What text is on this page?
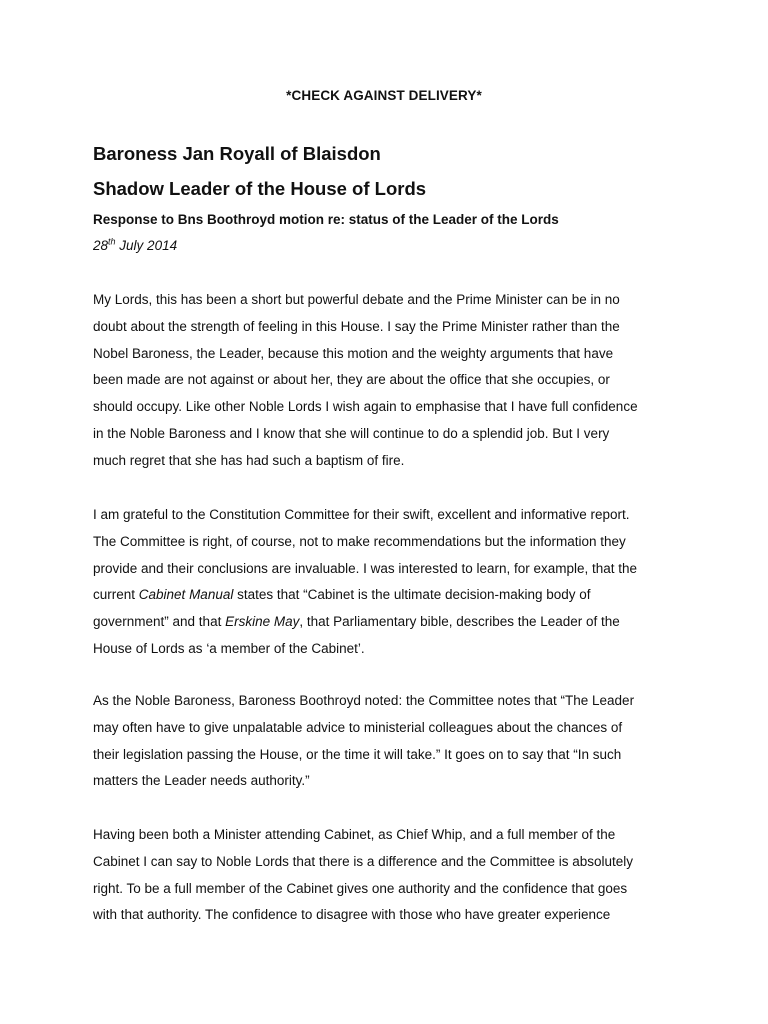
*CHECK AGAINST DELIVERY*
Baroness Jan Royall of Blaisdon
Shadow Leader of the House of Lords
Response to Bns Boothroyd motion re: status of the Leader of the Lords
28th July 2014
My Lords, this has been a short but powerful debate and the Prime Minister can be in no
doubt about the strength of feeling in this House. I say the Prime Minister rather than the
Nobel Baroness, the Leader, because this motion and the weighty arguments that have
been made are not against or about her, they are about the office that she occupies, or
should occupy. Like other Noble Lords I wish again to emphasise that I have full confidence
in the Noble Baroness and I know that she will continue to do a splendid job. But I very
much regret that she has had such a baptism of fire.
I am grateful to the Constitution Committee for their swift, excellent and informative report.
The Committee is right, of course, not to make recommendations but the information they
provide and their conclusions are invaluable. I was interested to learn, for example, that the
current Cabinet Manual states that “Cabinet is the ultimate decision-making body of
government” and that Erskine May, that Parliamentary bible, describes the Leader of the
House of Lords as ‘a member of the Cabinet’.
As the Noble Baroness, Baroness Boothroyd noted: the Committee notes that “The Leader
may often have to give unpalatable advice to ministerial colleagues about the chances of
their legislation passing the House, or the time it will take.” It goes on to say that “In such
matters the Leader needs authority.”
Having been both a Minister attending Cabinet, as Chief Whip, and a full member of the
Cabinet I can say to Noble Lords that there is a difference and the Committee is absolutely
right. To be a full member of the Cabinet gives one authority and the confidence that goes
with that authority. The confidence to disagree with those who have greater experience
